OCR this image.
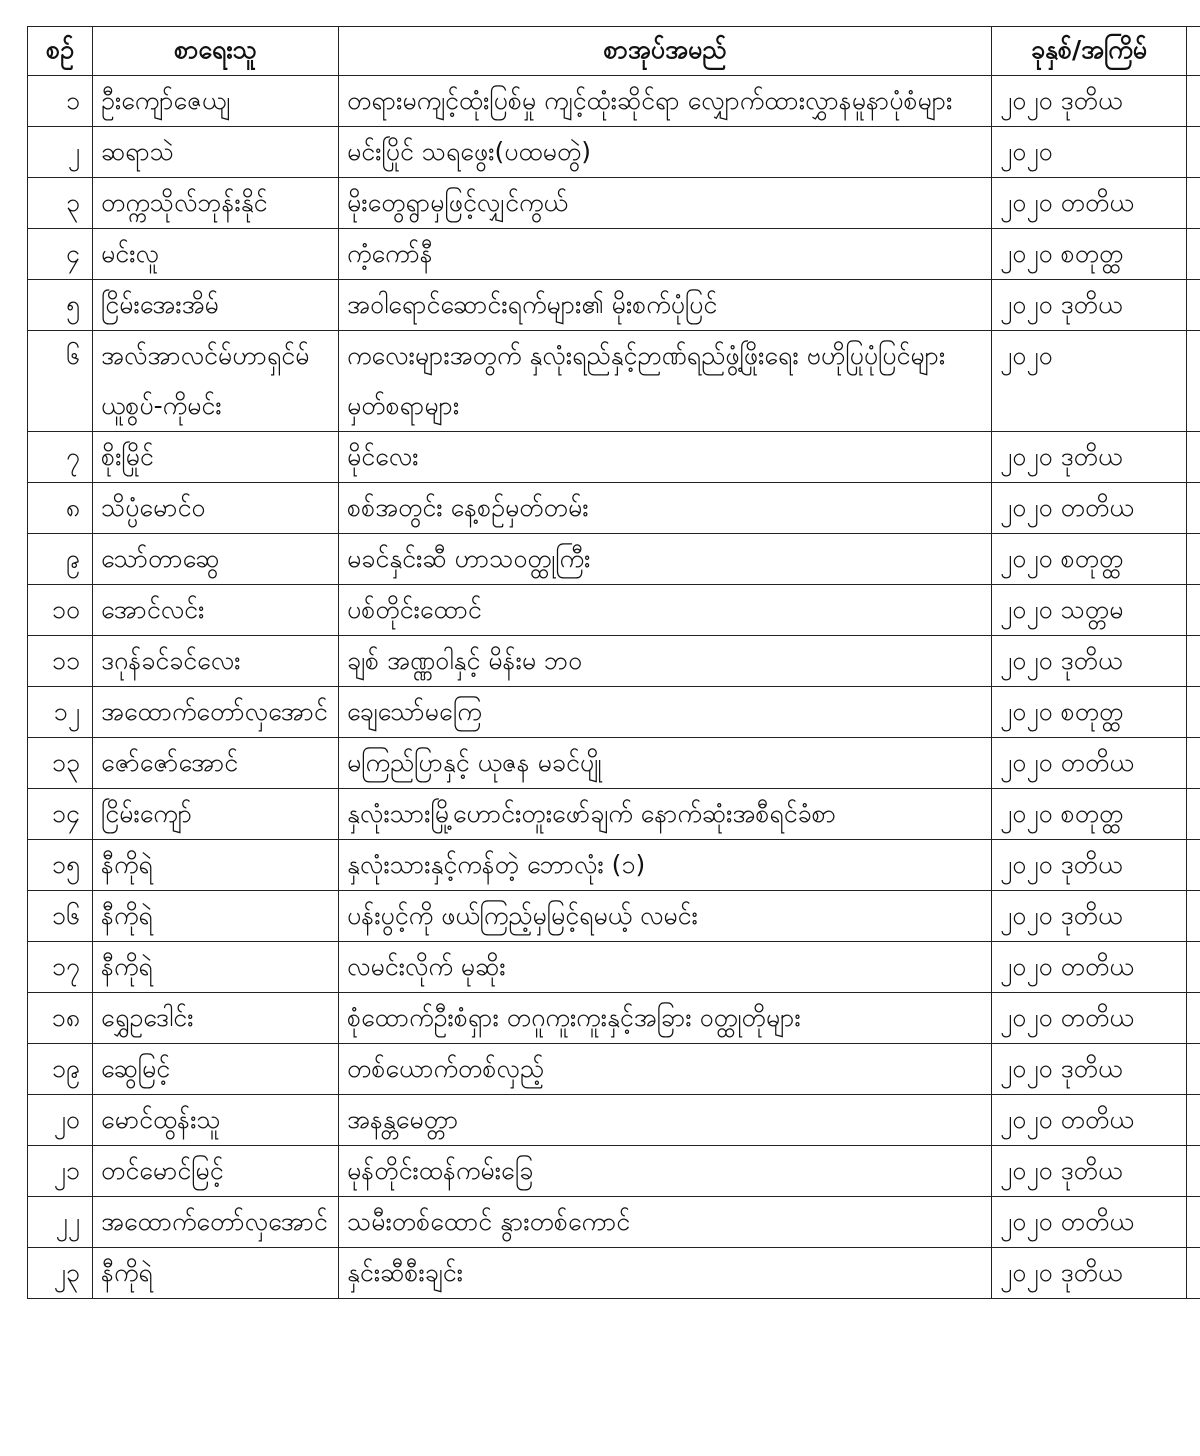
စဉ်	စာရေးသူ	စာအုပ်အမည်	ခုနှစ်/အကြိမ်	
၁	ဦးကျော်ဇေယျ	တရားမကျင့်ထုံးပြစ်မှု ကျင့်ထုံးဆိုင်ရာ လျှောက်ထားလွှာနမူနာပုံစံများ	၂၀၂၀ ဒုတိယ	
၂	ဆရာသဲ	မင်းပြိုင် သရဖွေး(ပထမတွဲ)	၂၀၂၀	
၃	တက္ကသိုလ်ဘုန်းနိုင်	မိုးတွေရွာမှဖြင့်လျှင်ကွယ်	၂၀၂၀ တတိယ	
၄	မင်းလူ	ကံ့ကော်နီ	၂၀၂၀ စတုတ္ထ	
၅	ငြိမ်းအေးအိမ်	အဝါရောင်ဆောင်းရက်များ၏ မိုးစက်ပုံပြင်	၂၀၂၀ ဒုတိယ	
၆	အလ်အာလင်မ်ဟာရှင်မ်ယူစွပ်-ကိုမင်း	ကလေးများအတွက် နှလုံးရည်နှင့်ဉာဏ်ရည်ဖွံ့ဖြိုးရေး ဗဟိုပြုပုံပြင်များ မှတ်စရာများ	၂၀၂၀	
၇	စိုးမြိုင်	မိုင်လေး	၂၀၂၀ ဒုတိယ	
၈	သိပ္ပံမောင်ဝ	စစ်အတွင်း နေ့စဉ်မှတ်တမ်း	၂၀၂၀ တတိယ	
၉	သော်တာဆွေ	မခင်နှင်းဆီ ဟာသဝတ္ထုကြီး	၂၀၂၀ စတုတ္ထ	
၁၀	အောင်လင်း	ပစ်တိုင်းထောင်	၂၀၂၀ သတ္တမ	
၁၁	ဒဂုန်ခင်ခင်လေး	ချစ် အဏ္ဏဝါနှင့် မိန်းမ ဘဝ	၂၀၂၀ ဒုတိယ	
၁၂	အထောက်တော်လှအောင်	ချေသော်မကြေ	၂၀၂၀ စတုတ္ထ	
၁၃	ဇော်ဇော်အောင်	မကြည်ပြာနှင့် ယုဇန မခင်ပျို	၂၀၂၀ တတိယ	
၁၄	ငြိမ်းကျော်	နှလုံးသားမြို့ဟောင်းတူးဖော်ချက် နောက်ဆုံးအစီရင်ခံစာ	၂၀၂၀ စတုတ္ထ	
၁၅	နီကိုရဲ	နှလုံးသားနှင့်ကန်တဲ့ ဘောလုံး (၁)	၂၀၂၀ ဒုတိယ	
၁၆	နီကိုရဲ	ပန်းပွင့်ကို ဖယ်ကြည့်မှမြင့်ရမယ့် လမင်း	၂၀၂၀ ဒုတိယ	
၁၇	နီကိုရဲ	လမင်းလိုက် မုဆိုး	၂၀၂၀ တတိယ	
၁၈	ရွှေဥဒေါင်း	စုံထောက်ဦးစံရှား တဂူကူးကူးနှင့်အခြား ဝတ္ထုတိုများ	၂၀၂၀ တတိယ	
၁၉	ဆွေမြင့်	တစ်ယောက်တစ်လှည့်	၂၀၂၀ ဒုတိယ	
၂၀	မောင်ထွန်းသူ	အနန္တမေတ္တာ	၂၀၂၀ တတိယ	
၂၁	တင်မောင်မြင့်	မုန်တိုင်းထန်ကမ်းခြေ	၂၀၂၀ ဒုတိယ	
၂၂	အထောက်တော်လှအောင်	သမီးတစ်ထောင် နွားတစ်ကောင်	၂၀၂၀ တတိယ	
၂၃	နီကိုရဲ	နှင်းဆီစီးချင်း	၂၀၂၀ ဒုတိယ	
